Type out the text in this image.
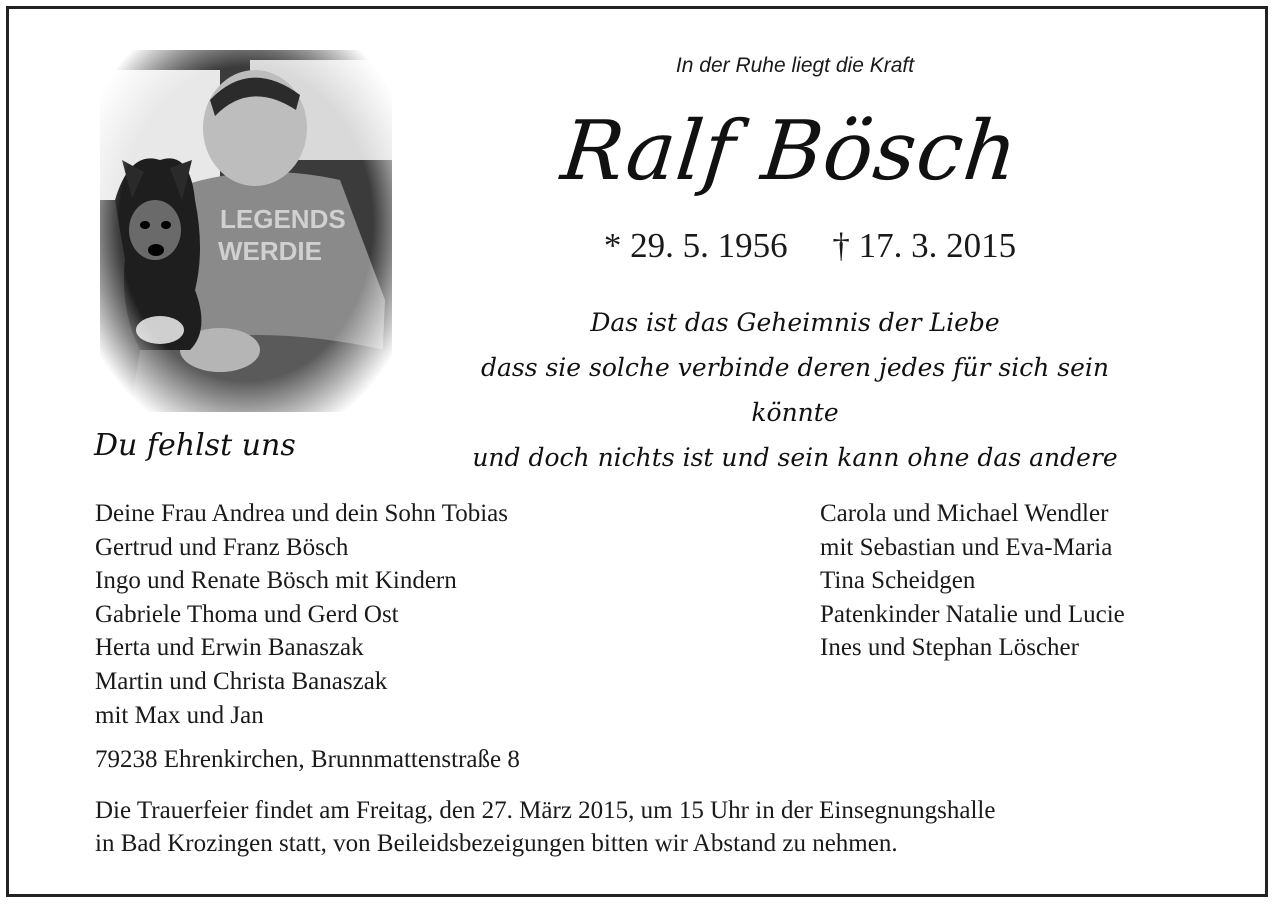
In der Ruhe liegt die Kraft
Ralf Bösch
* 29. 5. 1956 † 17. 3. 2015
Das ist das Geheimnis der Liebe
dass sie solche verbinde deren jedes für sich sein könnte
und doch nichts ist und sein kann ohne das andere
Du fehlst uns
Deine Frau Andrea und dein Sohn Tobias
Gertrud und Franz Bösch
Ingo und Renate Bösch mit Kindern
Gabriele Thoma und Gerd Ost
Herta und Erwin Banaszak
Martin und Christa Banaszak
mit Max und Jan
Carola und Michael Wendler
mit Sebastian und Eva-Maria
Tina Scheidgen
Patenkinder Natalie und Lucie
Ines und Stephan Löscher
79238 Ehrenkirchen, Brunnmattenstraße 8
Die Trauerfeier findet am Freitag, den 27. März 2015, um 15 Uhr in der Einsegnungshalle
in Bad Krozingen statt, von Beileidsbezeigungen bitten wir Abstand zu nehmen.
